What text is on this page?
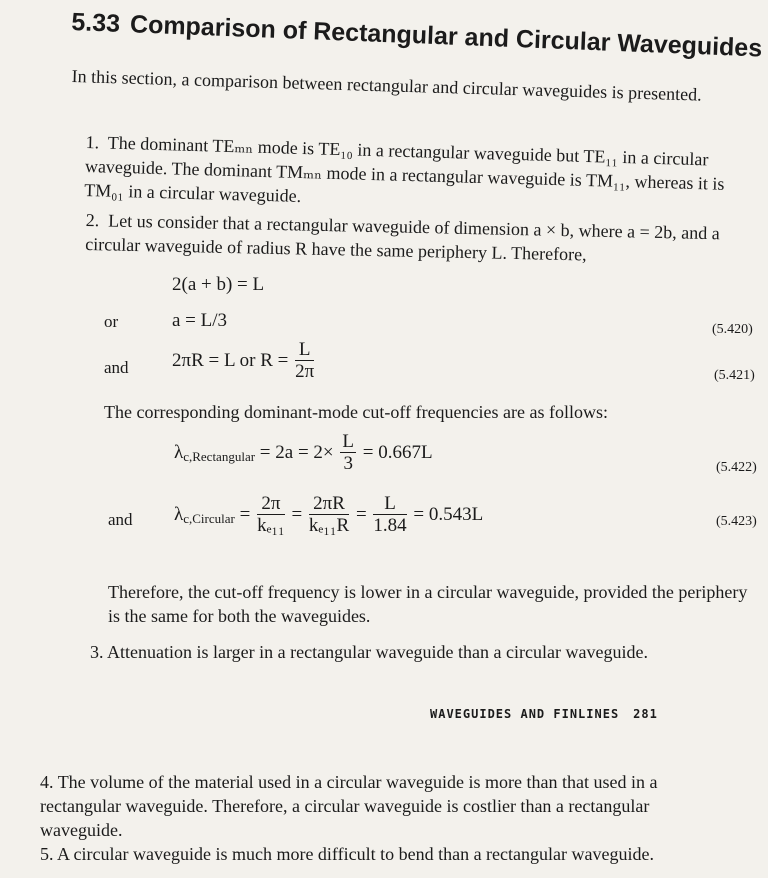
5.33 Comparison of Rectangular and Circular Waveguides

In this section, a comparison between rectangular and circular waveguides is presented.

1. The dominant TEₘₙ mode is TE₁₀ in a rectangular waveguide but TE₁₁ in a circular waveguide. The dominant TMₘₙ mode in a rectangular waveguide is TM₁₁, whereas it is TM₀₁ in a circular waveguide.

2. Let us consider that a rectangular waveguide of dimension a × b, where a = 2b, and a circular waveguide of radius R have the same periphery L. Therefore,

2(a + b) = L
or	a = L/3	(5.420)
and 2πR = L or $R = \frac{L}{2\pi}$	(5.421)

The corresponding dominant-mode cut-off frequencies are as follows:

$\lambda_{c,Rectangular} = 2a = 2\times \frac{L}{3} = 0.667L$
(5.422)
and $\lambda_{c,Circular} = \frac{2\pi}{\text{kₑ₁₁}} = \frac{2\pi R}{\text{kₑ₁₁R}} = \frac{L}{1.84} = 0.543L$	(5.423)

Therefore, the cut-off frequency is lower in a circular waveguide, provided the periphery is the same for both the waveguides.

3. Attenuation is larger in a rectangular waveguide than a circular waveguide.

WAVEGUIDES AND FINLINES 281

4. The volume of the material used in a circular waveguide is more than that used in a rectangular waveguide. Therefore, a circular waveguide is costlier than a rectangular waveguide.

5. A circular waveguide is much more difficult to bend than a rectangular waveguide.
